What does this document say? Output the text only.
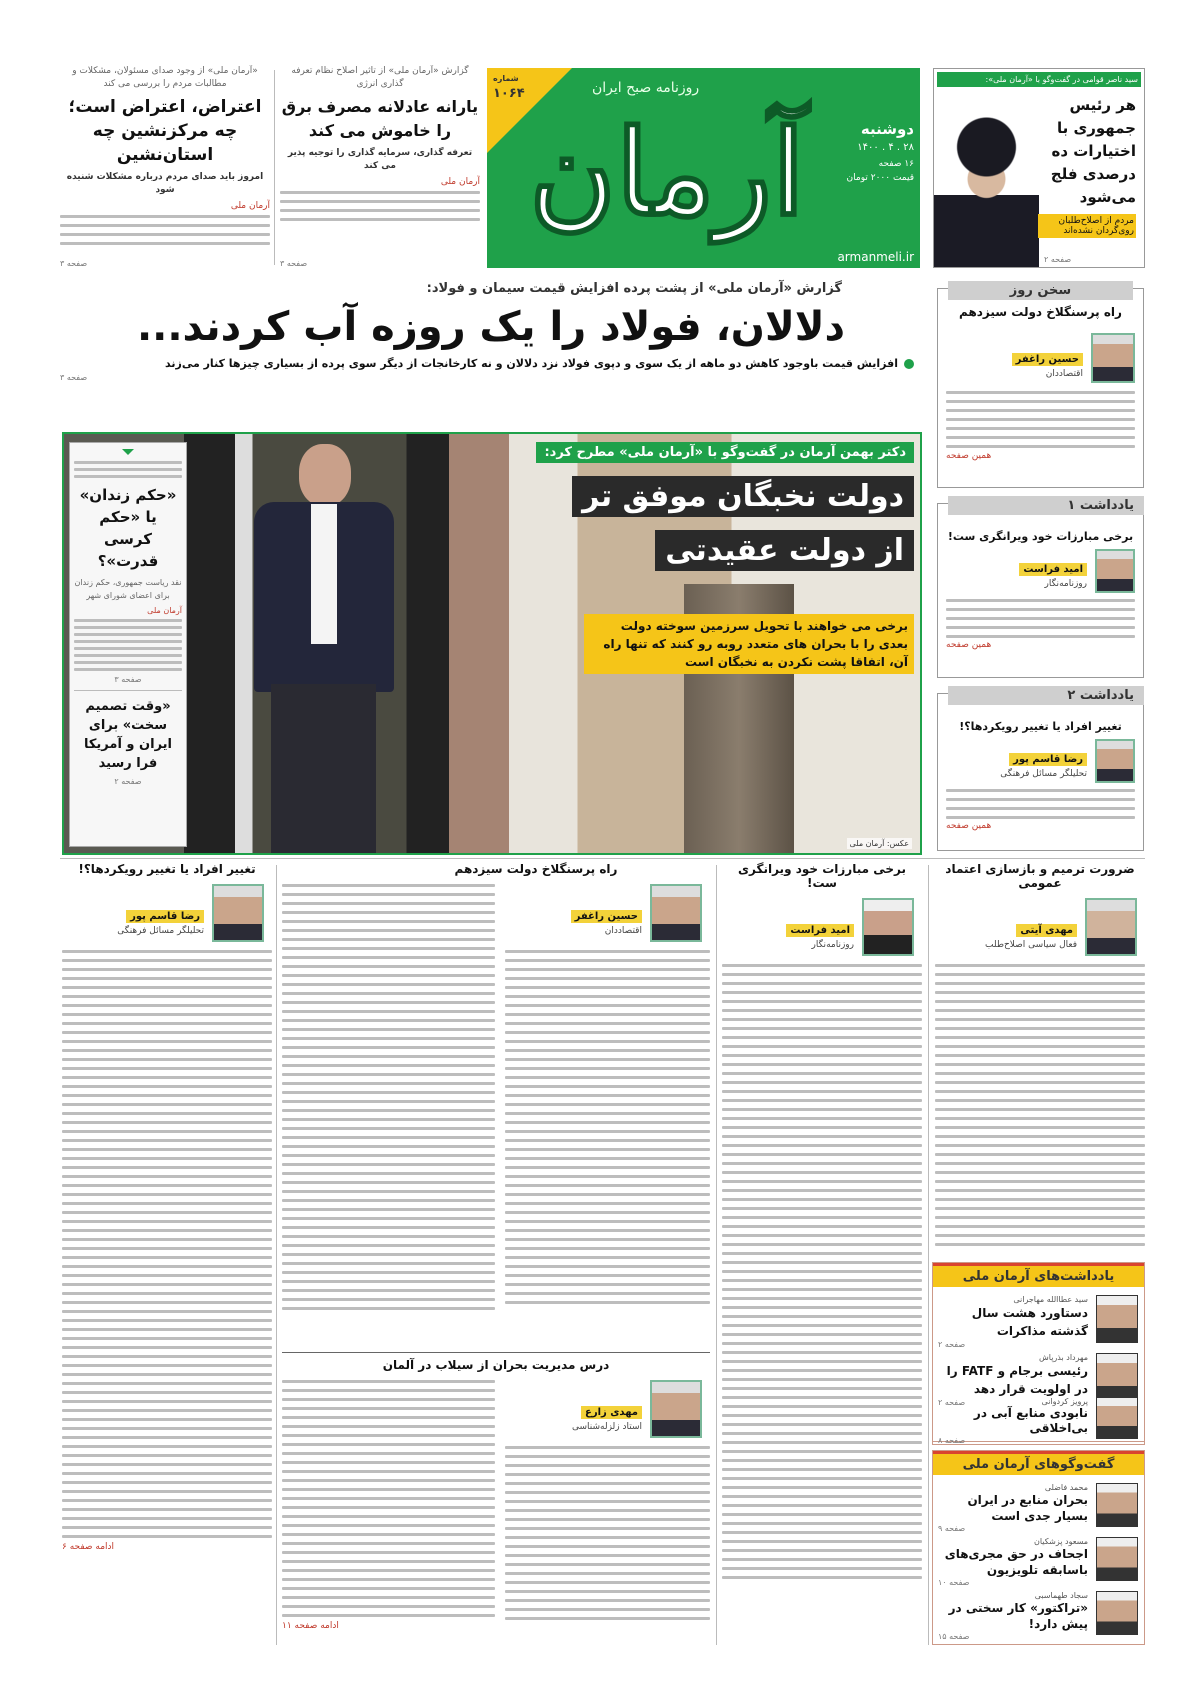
«آرمان ملی» از وجود صدای مسئولان، مشکلات و مطالبات مردم را بررسی می کند
اعتراض، اعتراض است؛ چه مرکزنشین چه استان‌نشین
امروز باید صدای مردم درباره مشکلات شنیده شود
آرمان ملی
صفحه ۳
گزارش «آرمان ملی» از تاثیر اصلاح نظام تعرفه گذاری انرژی
یارانه عادلانه مصرف برق را خاموش می کند
تعرفه گذاری، سرمایه گذاری را توجیه پذیر می کند
آرمان ملی
صفحه ۳
شماره
۱۰۶۴	روزنامه صبح ایران
آرمان	دوشنبه
۲۸ . ۴ . ۱۴۰۰
۱۶ صفحه
قیمت ۲۰۰۰ تومان
armanmeli.ir
سید ناصر قوامی در گفت‌وگو با «آرمان ملی»:
هر رئیس جمهوری با اختیارات ده درصدی فلج می‌شود
مردم از اصلاح‌طلبان روی‌گردان نشده‌اند
صفحه ۲
گزارش «آرمان ملی» از پشت پرده افزایش قیمت سیمان و فولاد:
دلالان، فولاد را یک روزه آب کردند...
افزایش قیمت باوجود کاهش دو ماهه از یک سوی و دپوی فولاد نزد دلالان و نه کارخانجات از دیگر سوی پرده از بسیاری چیزها کنار می‌زند
صفحه ۳
«حکم زندان» یا «حکم کرسی قدرت»؟
نقد ریاست جمهوری، حکم زندان برای اعضای شورای شهر
آرمان ملی
صفحه ۳
«وقت تصمیم سخت» برای ایران و آمریکا فرا رسید
صفحه ۲
دکتر بهمن آرمان در گفت‌وگو با «آرمان ملی» مطرح کرد:
دولت نخبگان موفق تر
از دولت عقیدتی
برخی می خواهند با تحویل سرزمین سوخته دولت بعدی را با بحران های متعدد روبه رو کنند که تنها راه آن، اتفاقا پشت نکردن به نخبگان است
عکس: آرمان ملی
سخن روز
راه پرسنگلاخ دولت سیزدهم
حسین راغفر
اقتصاددان
همین صفحه
یادداشت ۱
برخی مبارزات خود ویرانگری ست!
امید فراست
روزنامه‌نگار
همین صفحه
یادداشت ۲
تغییر افراد یا تغییر رویکردها؟!
رضا قاسم پور
تحلیلگر مسائل فرهنگی
همین صفحه
ضرورت ترمیم و بازسازی اعتماد عمومی
مهدی آیتی
فعال سیاسی اصلاح‌طلب
برخی مبارزات خود ویرانگری ست!
امید فراست
روزنامه‌نگار
راه پرسنگلاخ دولت سیزدهم
حسین راغفر
اقتصاددان
درس مدیریت بحران از سیلاب در آلمان
مهدی زارع
استاد زلزله‌شناسی
ادامه صفحه ۱۱
تغییر افراد یا تغییر رویکردها؟!
رضا قاسم پور
تحلیلگر مسائل فرهنگی
ادامه صفحه ۶
یادداشت‌های آرمان ملی
سید عطاالله مهاجرانی
دستاورد هشت سال گذشته مذاکرات
صفحه ۲
مهرداد بذرپاش
رئیسی برجام و FATF را در اولویت قرار دهد
صفحه ۲	پرویز کردوانی
نابودی منابع آبی در بی‌اخلاقی
صفحه ۸
گفت‌وگوهای آرمان ملی
محمد فاضلی
بحران منابع در ایران بسیار جدی است
صفحه ۹
مسعود پزشکیان
اجحاف در حق مجری‌های باسابقه تلویزیون
صفحه ۱۰
سجاد طهماسبی
«تراکتور» کار سختی در پیش دارد!
صفحه ۱۵
